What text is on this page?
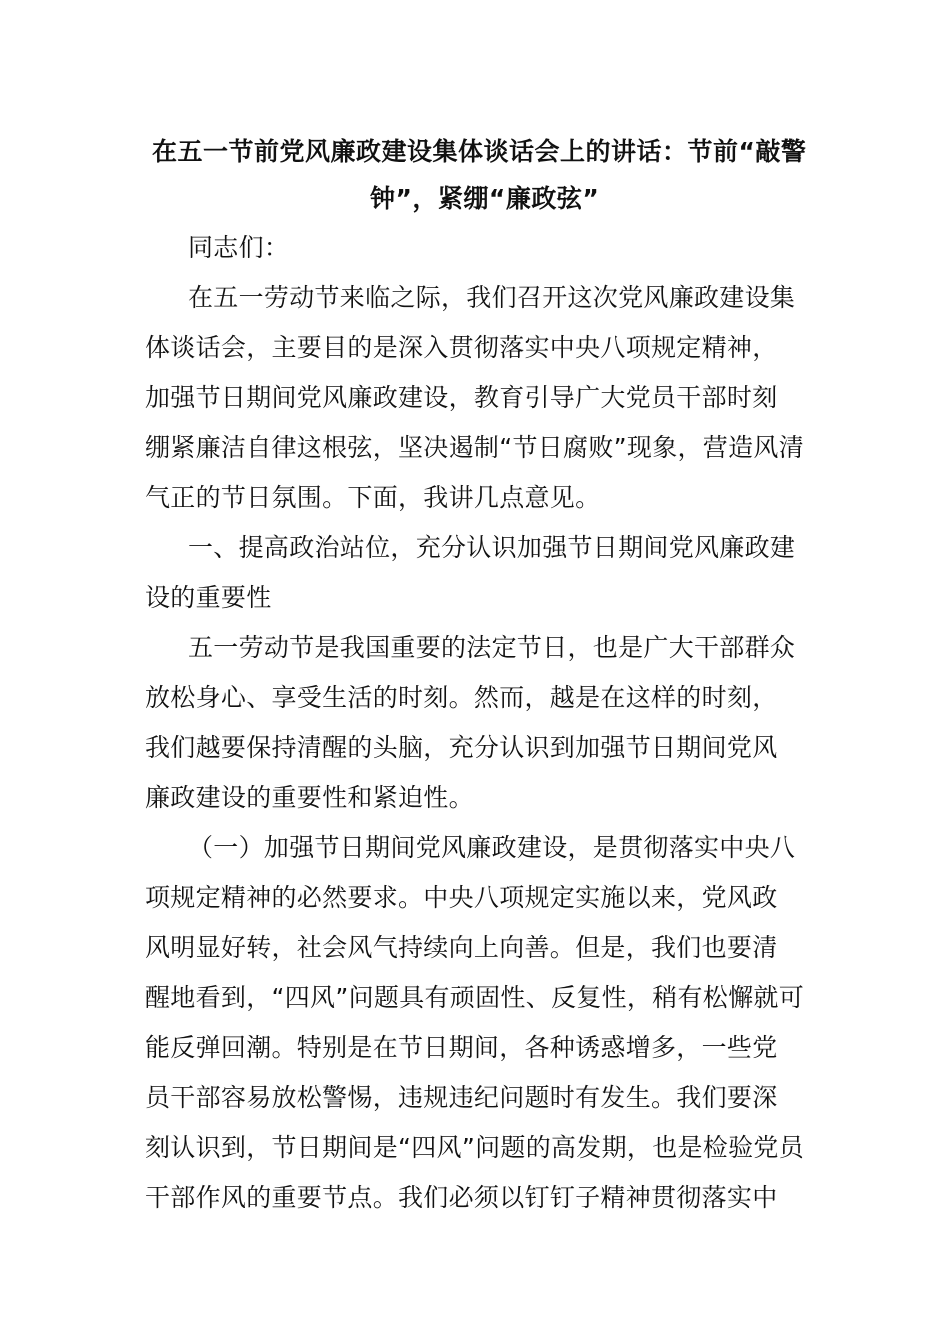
在五一节前党风廉政建设集体谈话会上的讲话：节前“敲警
钟”，紧绷“廉政弦”
同志们：
在五一劳动节来临之际，我们召开这次党风廉政建设集
体谈话会，主要目的是深入贯彻落实中央八项规定精神，
加强节日期间党风廉政建设，教育引导广大党员干部时刻
绷紧廉洁自律这根弦，坚决遏制“节日腐败”现象，营造风清
气正的节日氛围。下面，我讲几点意见。
一、提高政治站位，充分认识加强节日期间党风廉政建
设的重要性
五一劳动节是我国重要的法定节日，也是广大干部群众
放松身心、享受生活的时刻。然而，越是在这样的时刻，
我们越要保持清醒的头脑，充分认识到加强节日期间党风
廉政建设的重要性和紧迫性。
（一）加强节日期间党风廉政建设，是贯彻落实中央八
项规定精神的必然要求。中央八项规定实施以来，党风政
风明显好转，社会风气持续向上向善。但是，我们也要清
醒地看到，“四风”问题具有顽固性、反复性，稍有松懈就可
能反弹回潮。特别是在节日期间，各种诱惑增多，一些党
员干部容易放松警惕，违规违纪问题时有发生。我们要深
刻认识到，节日期间是“四风”问题的高发期，也是检验党员
干部作风的重要节点。我们必须以钉钉子精神贯彻落实中
